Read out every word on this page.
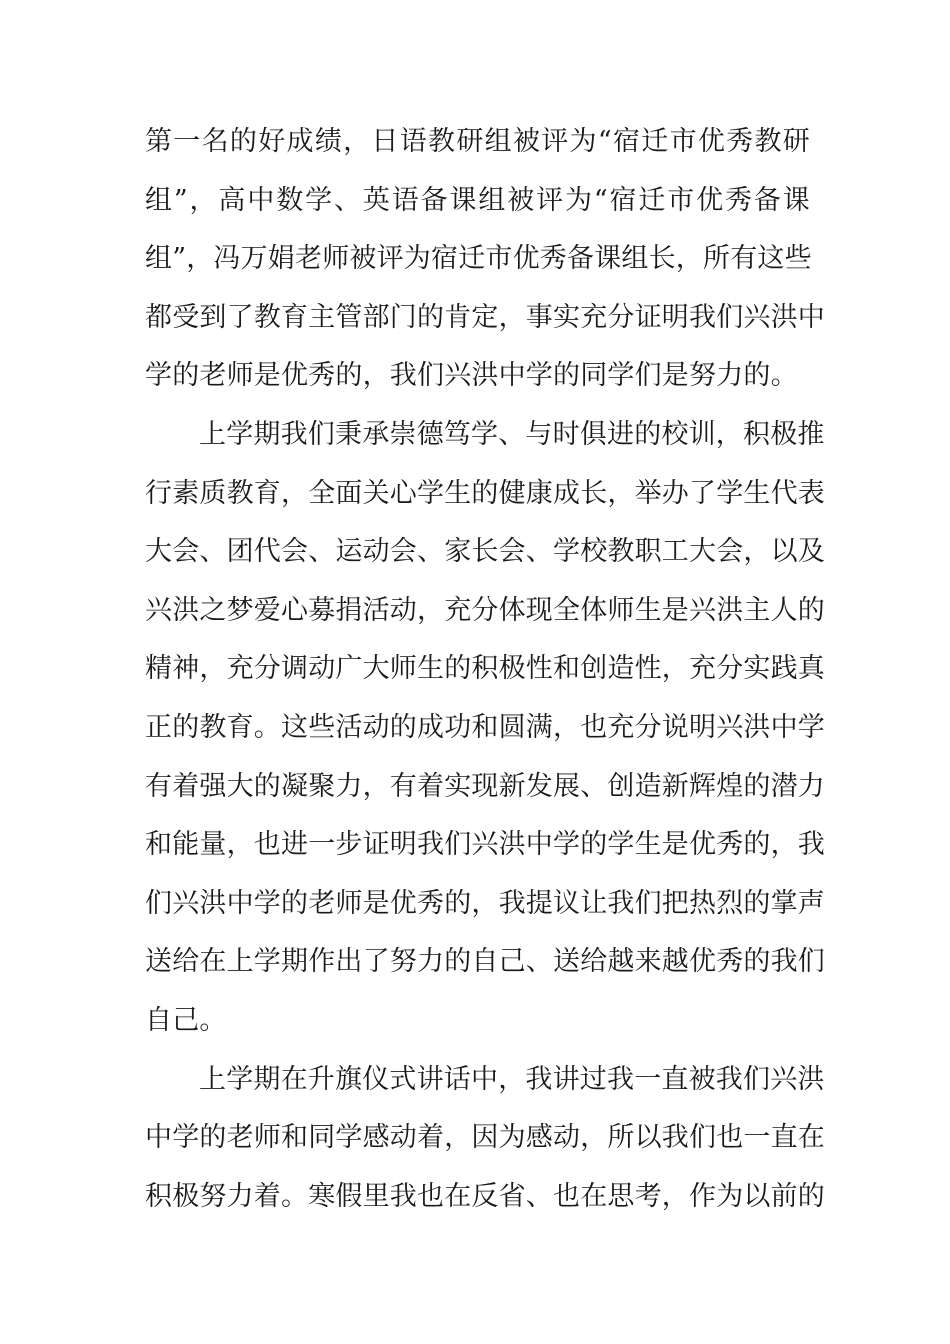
第一名的好成绩，日语教研组被评为“宿迁市优秀教研
组”，高中数学、英语备课组被评为“宿迁市优秀备课
组”，冯万娟老师被评为宿迁市优秀备课组长，所有这些
都受到了教育主管部门的肯定，事实充分证明我们兴洪中
学的老师是优秀的，我们兴洪中学的同学们是努力的。
上学期我们秉承崇德笃学、与时俱进的校训，积极推
行素质教育，全面关心学生的健康成长，举办了学生代表
大会、团代会、运动会、家长会、学校教职工大会，以及
兴洪之梦爱心募捐活动，充分体现全体师生是兴洪主人的
精神，充分调动广大师生的积极性和创造性，充分实践真
正的教育。这些活动的成功和圆满，也充分说明兴洪中学
有着强大的凝聚力，有着实现新发展、创造新辉煌的潜力
和能量，也进一步证明我们兴洪中学的学生是优秀的，我
们兴洪中学的老师是优秀的，我提议让我们把热烈的掌声
送给在上学期作出了努力的自己、送给越来越优秀的我们
自己。
上学期在升旗仪式讲话中，我讲过我一直被我们兴洪
中学的老师和同学感动着，因为感动，所以我们也一直在
积极努力着。寒假里我也在反省、也在思考，作为以前的
